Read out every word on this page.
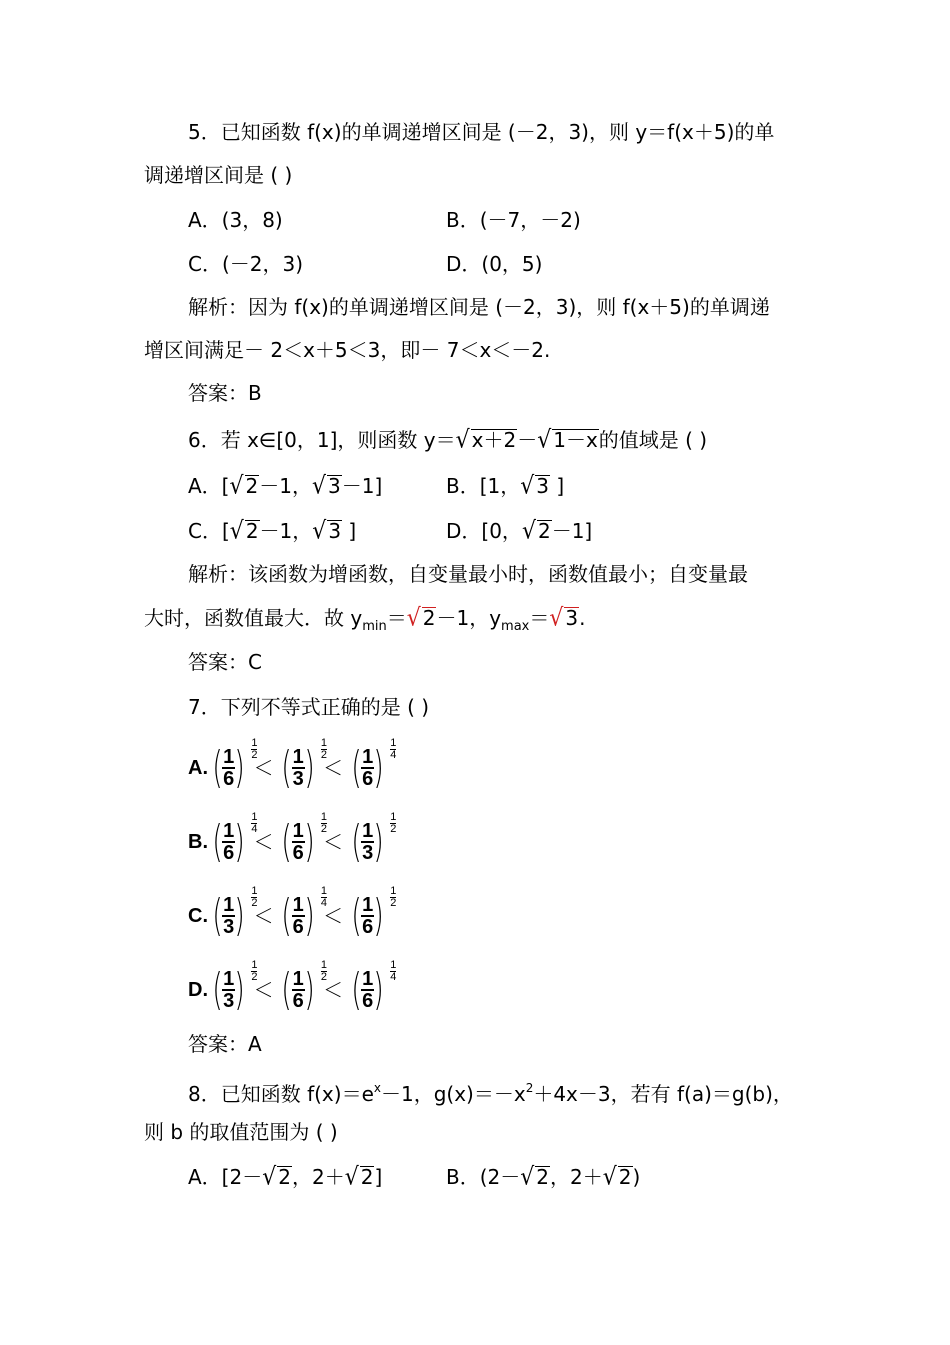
5．已知函数 f(x)的单调递增区间是 (－2，3)，则 y＝f(x＋5)的单
调递增区间是 ( )
A．(3，8)	B．(－7，－2)
C．(－2，3)	D．(0，5)
解析：因为 f(x)的单调递增区间是 (－2，3)，则 f(x＋5)的单调递
增区间满足－ 2＜x＋5＜3，即－ 7＜x＜－2.
答案：B
6．若 x∈[0，1]，则函数 y＝√ x＋2－√ 1－x的值域是 ( )
A．[√ 2－1，√ 3－1]	B．[1，√ 3 ]
C．[√ 2－1，√ 3 ]	D．[0，√ 2－1]
解析：该函数为增函数，自变量最小时，函数值最小；自变量最
大时，函数值最大．故 $y_{min}=√$ 2－1，$y_{max}=√$ 3.
答案：C
7．下列不等式正确的是 ( )
A. ( $\frac{1}{6}$ ) 1
2
＜ ( $\frac{1}{3}$ ) 1
2
＜ ( $\frac{1}{6}$ ) 1
4
B. ( $\frac{1}{6}$ ) 1
4
＜ ( $\frac{1}{6}$ ) 1
2
＜ ( $\frac{1}{3}$ ) 1
2
C. ( $\frac{1}{3}$ ) 1
2
＜ ( $\frac{1}{6}$ ) 1
4
＜ ( $\frac{1}{6}$ ) 1
2
D. ( $\frac{1}{3}$ ) 1
2
＜ ( $\frac{1}{6}$ ) 1
2
＜ ( $\frac{1}{6}$ ) 1
4
答案：A
8．已知函数 $f(x)=e^x-1$，$g(x)=-x^2+4x-3$，若有 f(a)＝g(b)，
则 b 的取值范围为 ( )
A．[2－√ 2，2＋√ 2]	B．(2－√ 2，2＋√ 2)
